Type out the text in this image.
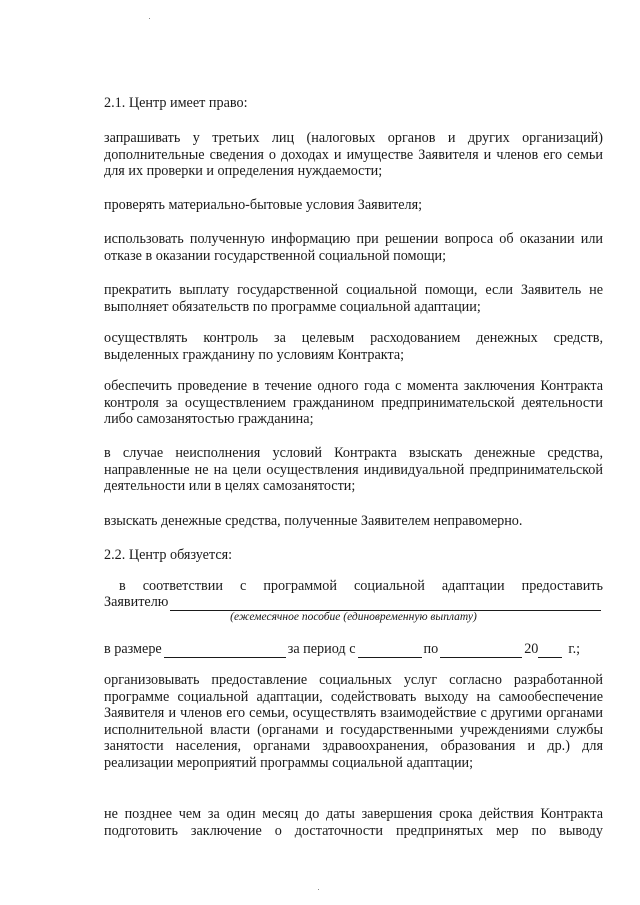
2.1. Центр имеет право:
запрашивать у третьих лиц (налоговых органов и других организаций) дополнительные сведения о доходах и имуществе Заявителя и членов его семьи для их проверки и определения нуждаемости;
проверять материально-бытовые условия Заявителя;
использовать полученную информацию при решении вопроса об оказании или отказе в оказании государственной социальной помощи;
прекратить выплату государственной социальной помощи, если Заявитель не выполняет обязательств по программе социальной адаптации;
осуществлять контроль за целевым расходованием денежных средств, выделенных гражданину по условиям Контракта;
обеспечить проведение в течение одного года с момента заключения Контракта контроля за осуществлением гражданином предпринимательской деятельности либо самозанятостью гражданина;
в случае неисполнения условий Контракта взыскать денежные средства, направленные не на цели осуществления индивидуальной предпринимательской деятельности или в целях самозанятости;
взыскать денежные средства, полученные Заявителем неправомерно.
2.2. Центр обязуется:
в соответствии с программой социальной адаптации предоставить
Заявителю
(ежемесячное пособие (единовременную выплату)
в размере	за период с	по	20 г.;
организовывать предоставление социальных услуг согласно разработанной программе социальной адаптации, содействовать выходу на самообеспечение Заявителя и членов его семьи, осуществлять взаимодействие с другими органами исполнительной власти (органами и государственными учреждениями службы занятости населения, органами здравоохранения, образования и др.) для реализации мероприятий программы социальной адаптации;
не позднее чем за один месяц до даты завершения срока действия Контракта подготовить заключение о достаточности предпринятых мер по выводу
